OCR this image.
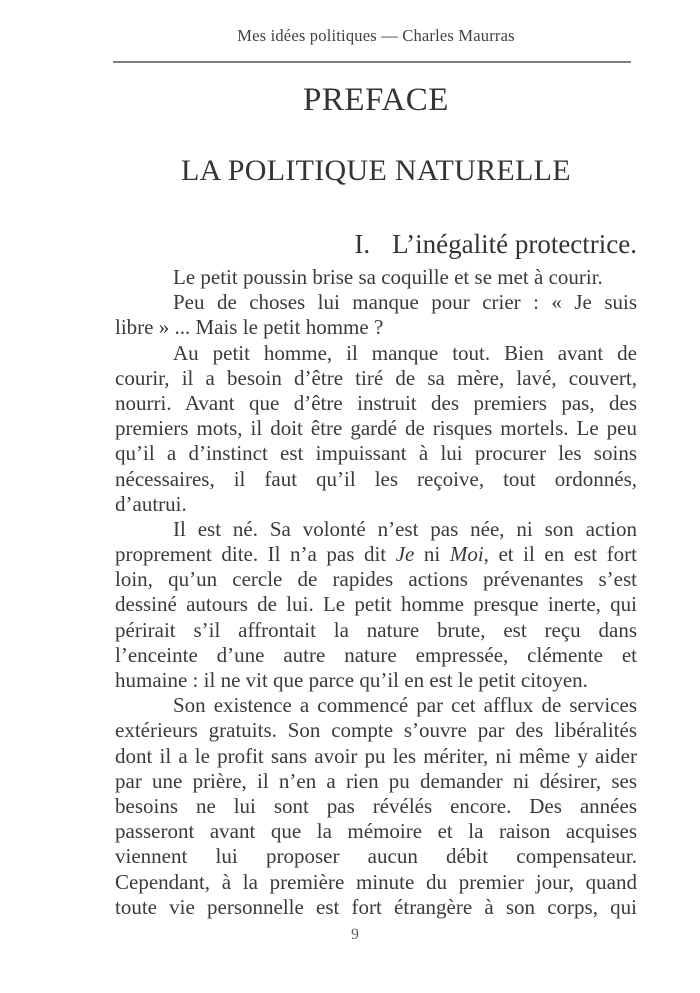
Mes idées politiques — Charles Maurras
PREFACE
LA POLITIQUE NATURELLE
I. L’inégalité protectrice.
Le petit poussin brise sa coquille et se met à courir.
Peu de choses lui manque pour crier : « Je suis
libre » ... Mais le petit homme ?
Au petit homme, il manque tout. Bien avant de
courir, il a besoin d’être tiré de sa mère, lavé, couvert,
nourri. Avant que d’être instruit des premiers pas, des
premiers mots, il doit être gardé de risques mortels. Le peu
qu’il a d’instinct est impuissant à lui procurer les soins
nécessaires, il faut qu’il les reçoive, tout ordonnés,
d’autrui.
Il est né. Sa volonté n’est pas née, ni son action
proprement dite. Il n’a pas dit Je ni Moi, et il en est fort
loin, qu’un cercle de rapides actions prévenantes s’est
dessiné autours de lui. Le petit homme presque inerte, qui
périrait s’il affrontait la nature brute, est reçu dans
l’enceinte d’une autre nature empressée, clémente et
humaine : il ne vit que parce qu’il en est le petit citoyen.
Son existence a commencé par cet afflux de services
extérieurs gratuits. Son compte s’ouvre par des libéralités
dont il a le profit sans avoir pu les mériter, ni même y aider
par une prière, il n’en a rien pu demander ni désirer, ses
besoins ne lui sont pas révélés encore. Des années
passeront avant que la mémoire et la raison acquises
viennent lui proposer aucun débit compensateur.
Cependant, à la première minute du premier jour, quand
toute vie personnelle est fort étrangère à son corps, qui
9
